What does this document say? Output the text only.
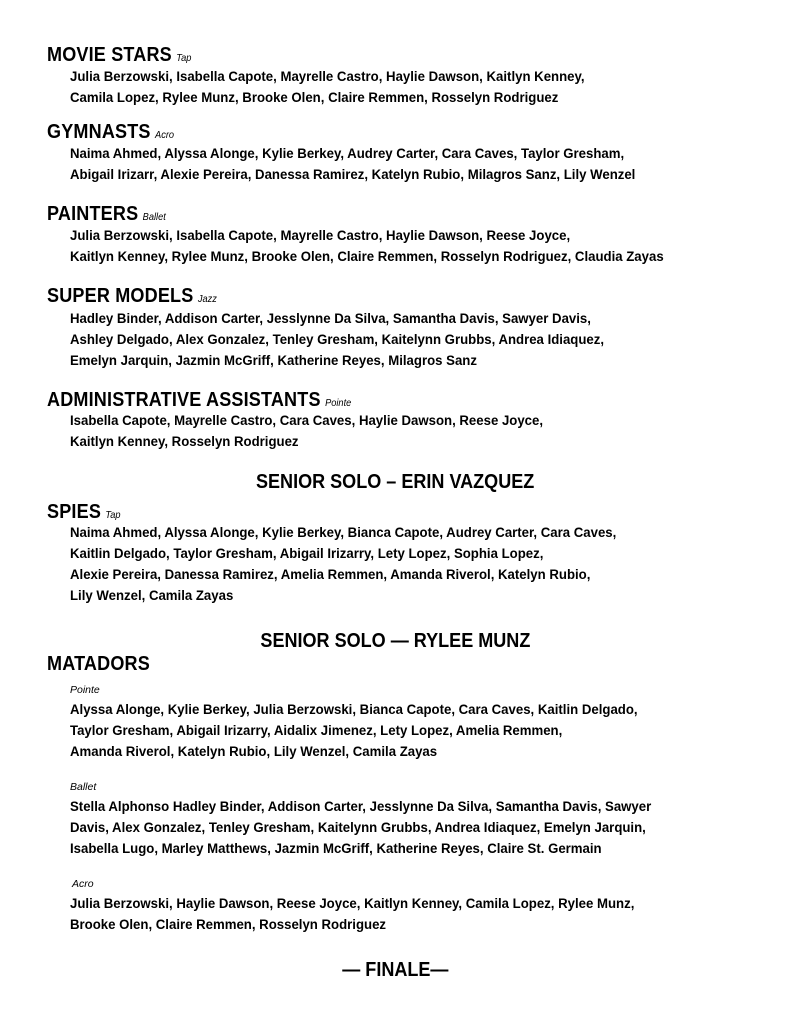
MOVIE STARS Tap
Julia Berzowski, Isabella Capote, Mayrelle Castro, Haylie Dawson, Kaitlyn Kenney,
Camila Lopez, Rylee Munz, Brooke Olen, Claire Remmen, Rosselyn Rodriguez
GYMNASTS Acro
Naima Ahmed, Alyssa Alonge, Kylie Berkey, Audrey Carter, Cara Caves, Taylor Gresham,
Abigail Irizarr, Alexie Pereira, Danessa Ramirez, Katelyn Rubio, Milagros Sanz, Lily Wenzel
PAINTERS Ballet
Julia Berzowski, Isabella Capote, Mayrelle Castro, Haylie Dawson, Reese Joyce,
Kaitlyn Kenney, Rylee Munz, Brooke Olen, Claire Remmen, Rosselyn Rodriguez, Claudia Zayas
SUPER MODELS Jazz
Hadley Binder, Addison Carter, Jesslynne Da Silva, Samantha Davis, Sawyer Davis,
Ashley Delgado, Alex Gonzalez, Tenley Gresham, Kaitelynn Grubbs, Andrea Idiaquez,
Emelyn Jarquin, Jazmin McGriff, Katherine Reyes, Milagros Sanz
ADMINISTRATIVE ASSISTANTS Pointe
Isabella Capote, Mayrelle Castro, Cara Caves, Haylie Dawson, Reese Joyce,
Kaitlyn Kenney, Rosselyn Rodriguez
SENIOR SOLO – ERIN VAZQUEZ
SPIES Tap
Naima Ahmed, Alyssa Alonge, Kylie Berkey, Bianca Capote, Audrey Carter, Cara Caves,
Kaitlin Delgado, Taylor Gresham, Abigail Irizarry, Lety Lopez, Sophia Lopez,
Alexie Pereira, Danessa Ramirez, Amelia Remmen, Amanda Riverol, Katelyn Rubio,
Lily Wenzel, Camila Zayas
SENIOR SOLO — RYLEE MUNZ
MATADORS
Pointe
Alyssa Alonge, Kylie Berkey, Julia Berzowski, Bianca Capote, Cara Caves, Kaitlin Delgado,
Taylor Gresham, Abigail Irizarry, Aidalix Jimenez, Lety Lopez, Amelia Remmen,
Amanda Riverol, Katelyn Rubio, Lily Wenzel, Camila Zayas
Ballet
Stella Alphonso Hadley Binder, Addison Carter, Jesslynne Da Silva, Samantha Davis, Sawyer
Davis, Alex Gonzalez, Tenley Gresham, Kaitelynn Grubbs, Andrea Idiaquez, Emelyn Jarquin,
Isabella Lugo, Marley Matthews, Jazmin McGriff, Katherine Reyes, Claire St. Germain
Acro
Julia Berzowski, Haylie Dawson, Reese Joyce, Kaitlyn Kenney, Camila Lopez, Rylee Munz,
Brooke Olen, Claire Remmen, Rosselyn Rodriguez
— FINALE—
